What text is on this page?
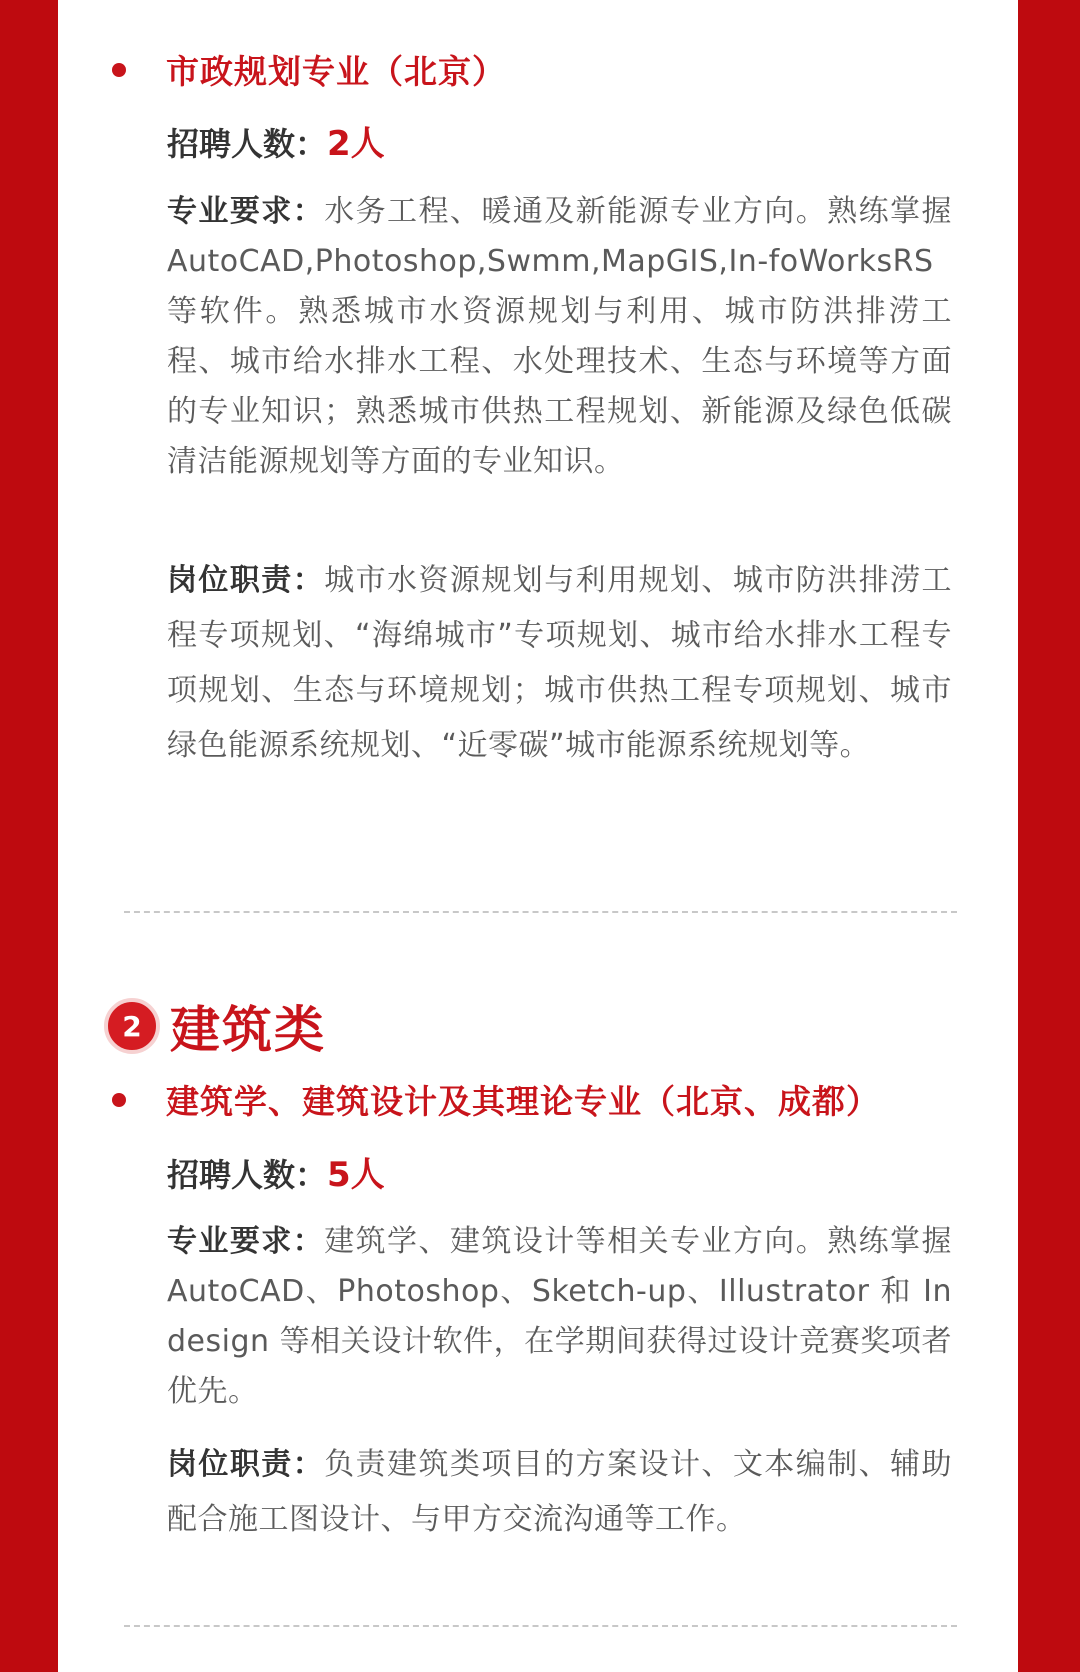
市政规划专业（北京）
招聘人数： 2人
专业要求：水务工程、暖通及新能源专业方向。熟练掌握 AutoCAD,Photoshop,Swmm,MapGIS,In-foWorksRS 等软件。熟悉城市水资源规划与利用、城市防洪排涝工程、城市给水排水工程、水处理技术、生态与环境等方面的专业知识；熟悉城市供热工程规划、新能源及绿色低碳清洁能源规划等方面的专业知识。
岗位职责：城市水资源规划与利用规划、城市防洪排涝工程专项规划、“海绵城市”专项规划、城市给水排水工程专项规划、生态与环境规划；城市供热工程专项规划、城市绿色能源系统规划、“近零碳”城市能源系统规划等。
2 建筑类
建筑学、建筑设计及其理论专业（北京、成都）
招聘人数： 5人
专业要求：建筑学、建筑设计等相关专业方向。熟练掌握 AutoCAD、Photoshop、Sketch-up、Illustrator 和 Indesign 等相关设计软件，在学期间获得过设计竞赛奖项者优先。
岗位职责：负责建筑类项目的方案设计、文本编制、辅助配合施工图设计、与甲方交流沟通等工作。
